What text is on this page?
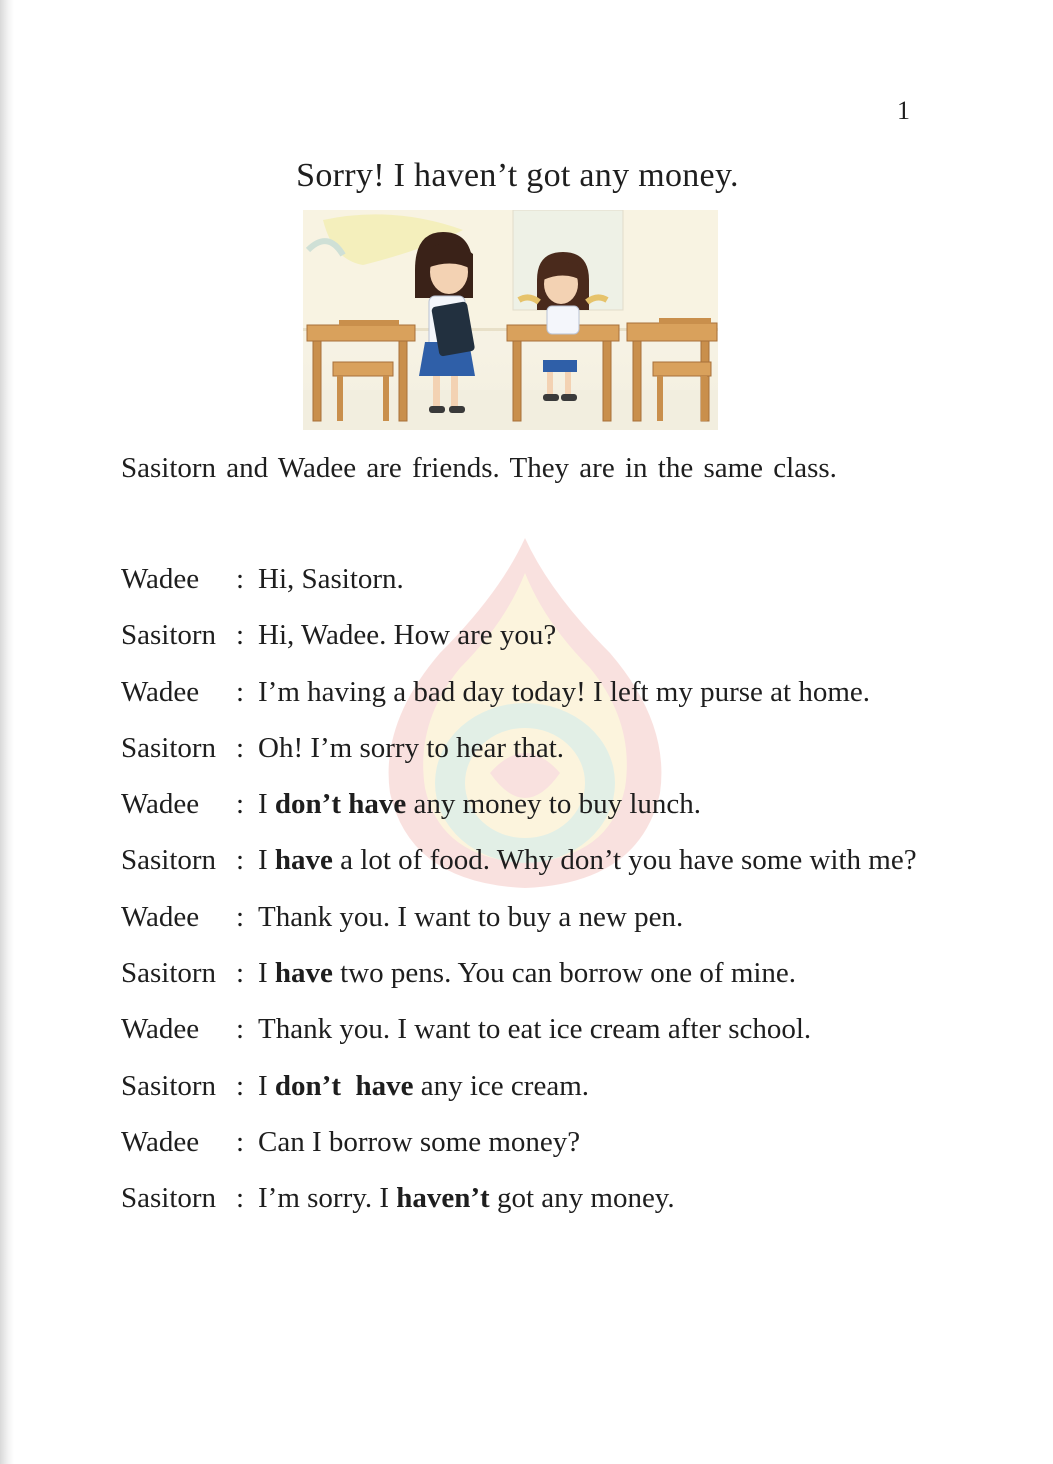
1
Sorry! I haven’t got any money.
Sasitorn and Wadee are friends. They are in the same class.
Wadee	: Hi, Sasitorn.
Sasitorn : Hi, Wadee. How are you?
Wadee	: I’m having a bad day today! I left my purse at home.
Sasitorn : Oh! I’m sorry to hear that.
Wadee	: I don’t have any money to buy lunch.
Sasitorn : I have a lot of food. Why don’t you have some with me?
Wadee	: Thank you. I want to buy a new pen.
Sasitorn : I have two pens. You can borrow one of mine.
Wadee	: Thank you. I want to eat ice cream after school.
Sasitorn : I don’t  have any ice cream.
Wadee	: Can I borrow some money?
Sasitorn : I’m sorry. I haven’t got any money.
